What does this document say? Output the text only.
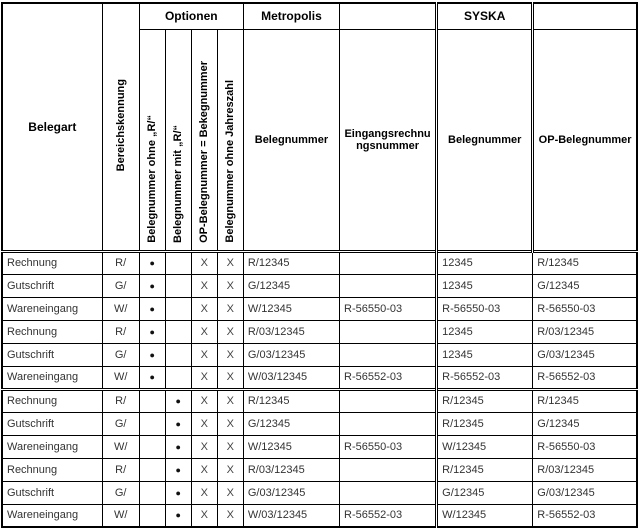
Belegart	Bereichskennung	Optionen				Metropolis		SYSKA	
		Belegnummer ohne „R/“	Belegnummer mit „R/“	OP-Belegnummer = Bekegnummer	Belegnummer ohne Jahreszahl	Belegnummer	Eingangsrechnungsnummer	Belegnummer	OP-Belegnummer
Rechnung	R/	●		X	X	R/12345		12345	R/12345
Gutschrift	G/	●		X	X	G/12345		12345	G/12345
Wareneingang	W/	●		X	X	W/12345	R-56550-03	R-56550-03	R-56550-03
Rechnung	R/	●		X	X	R/03/12345		12345	R/03/12345
Gutschrift	G/	●		X	X	G/03/12345		12345	G/03/12345
Wareneingang	W/	●		X	X	W/03/12345	R-56552-03	R-56552-03	R-56552-03
Rechnung	R/		●	X	X	R/12345		R/12345	R/12345
Gutschrift	G/		●	X	X	G/12345		R/12345	G/12345
Wareneingang	W/		●	X	X	W/12345	R-56550-03	W/12345	R-56550-03
Rechnung	R/		●	X	X	R/03/12345		R/12345	R/03/12345
Gutschrift	G/		●	X	X	G/03/12345		G/12345	G/03/12345
Wareneingang	W/		●	X	X	W/03/12345	R-56552-03	W/12345	R-56552-03
